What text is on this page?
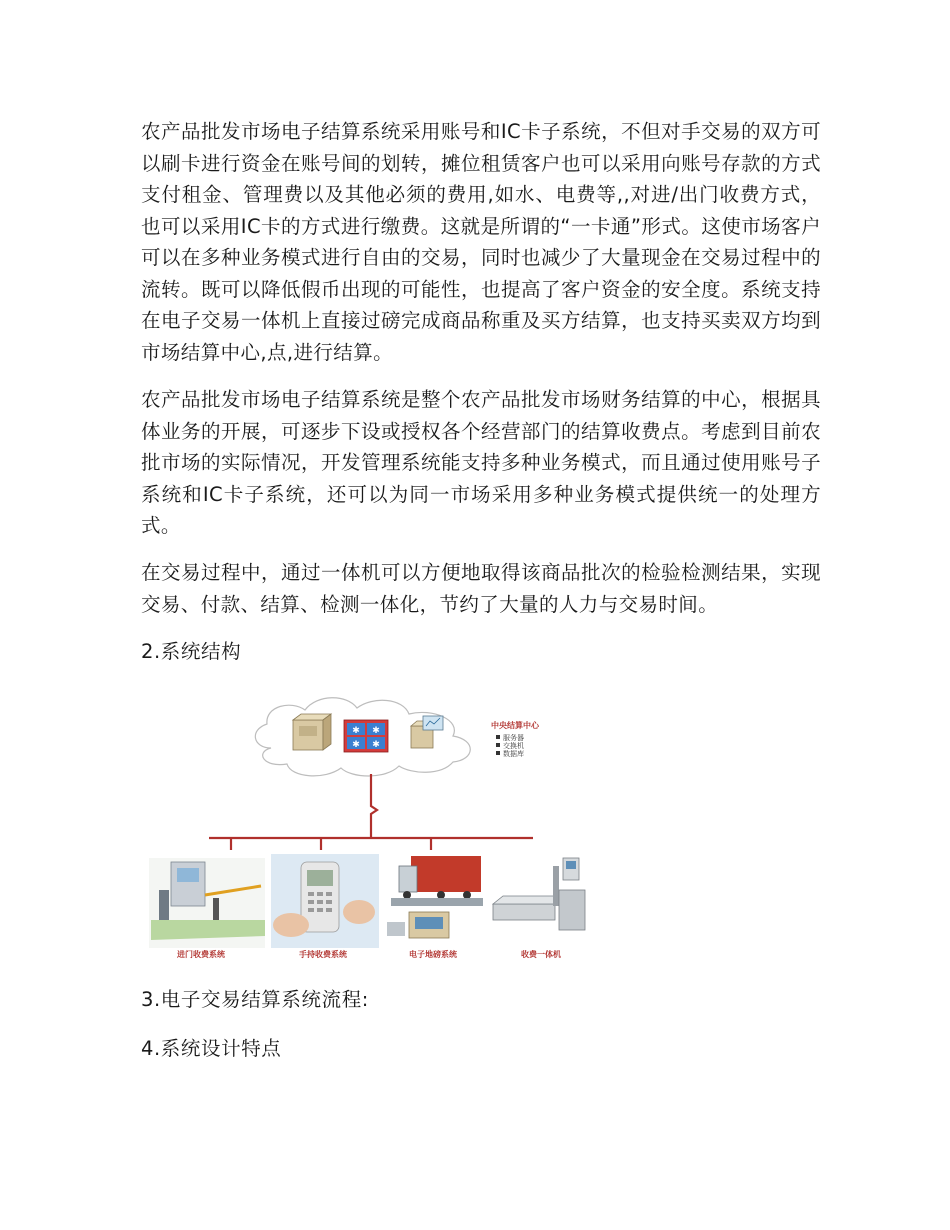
农产品批发市场电子结算系统采用账号和IC卡子系统，不但对手交易的双方可以刷卡进行资金在账号间的划转，摊位租赁客户也可以采用向账号存款的方式支付租金、管理费以及其他必须的费用,如水、电费等,,对进/出门收费方式，也可以采用IC卡的方式进行缴费。这就是所谓的“一卡通”形式。这使市场客户可以在多种业务模式进行自由的交易，同时也减少了大量现金在交易过程中的流转。既可以降低假币出现的可能性，也提高了客户资金的安全度。系统支持在电子交易一体机上直接过磅完成商品称重及买方结算，也支持买卖双方均到市场结算中心,点,进行结算。

农产品批发市场电子结算系统是整个农产品批发市场财务结算的中心，根据具体业务的开展，可逐步下设或授权各个经营部门的结算收费点。考虑到目前农批市场的实际情况，开发管理系统能支持多种业务模式，而且通过使用账号子系统和IC卡子系统，还可以为同一市场采用多种业务模式提供统一的处理方式。

在交易过程中，通过一体机可以方便地取得该商品批次的检验检测结果，实现交易、付款、结算、检测一体化，节约了大量的人力与交易时间。

2.系统结构
✱ ✱
✱ ✱
中央结算中心
服务器
交换机
数据库
进门收费系统	手持收费系统	电子地磅系统	收费一体机
3.电子交易结算系统流程:
4.系统设计特点
